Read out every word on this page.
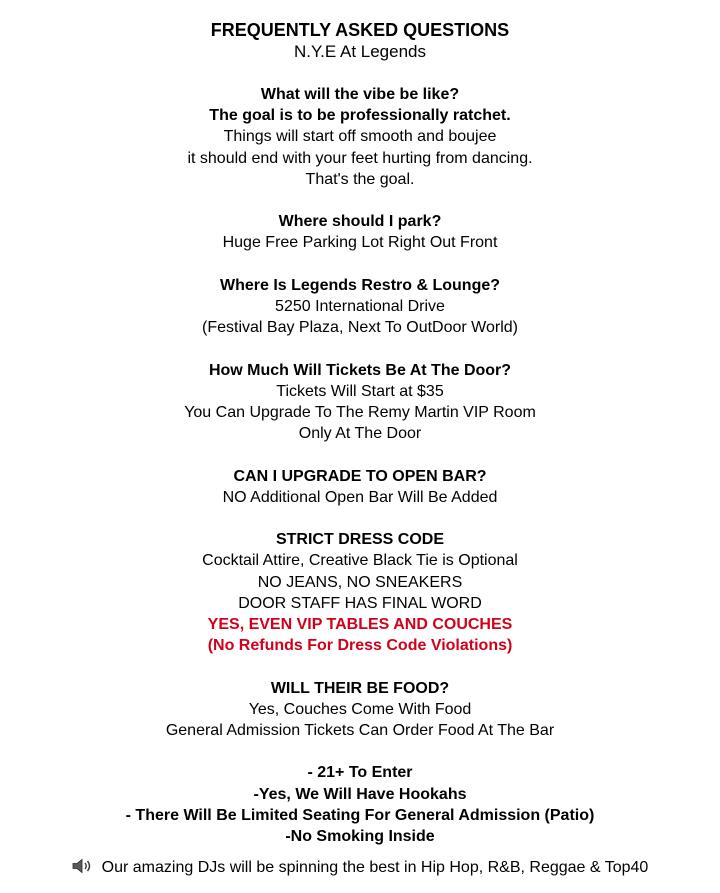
FREQUENTLY ASKED QUESTIONS
N.Y.E At Legends
What will the vibe be like?
The goal is to be professionally ratchet.
Things will start off smooth and boujee
it should end with your feet hurting from dancing.
That's the goal.
Where should I park?
Huge Free Parking Lot Right Out Front
Where Is Legends Restro & Lounge?
5250 International Drive
(Festival Bay Plaza, Next To OutDoor World)
How Much Will Tickets Be At The Door?
Tickets Will Start at $35
You Can Upgrade To The Remy Martin VIP Room
Only At The Door
CAN I UPGRADE TO OPEN BAR?
NO Additional Open Bar Will Be Added
STRICT DRESS CODE
Cocktail Attire, Creative Black Tie is Optional
NO JEANS, NO SNEAKERS
DOOR STAFF HAS FINAL WORD
YES, EVEN VIP TABLES AND COUCHES
(No Refunds For Dress Code Violations)
WILL THEIR BE FOOD?
Yes, Couches Come With Food
General Admission Tickets Can Order Food At The Bar
- 21+ To Enter
-Yes, We Will Have Hookahs
- There Will Be Limited Seating For General Admission (Patio)
-No Smoking Inside
Our amazing DJs will be spinning the best in Hip Hop, R&B, Reggae & Top40
